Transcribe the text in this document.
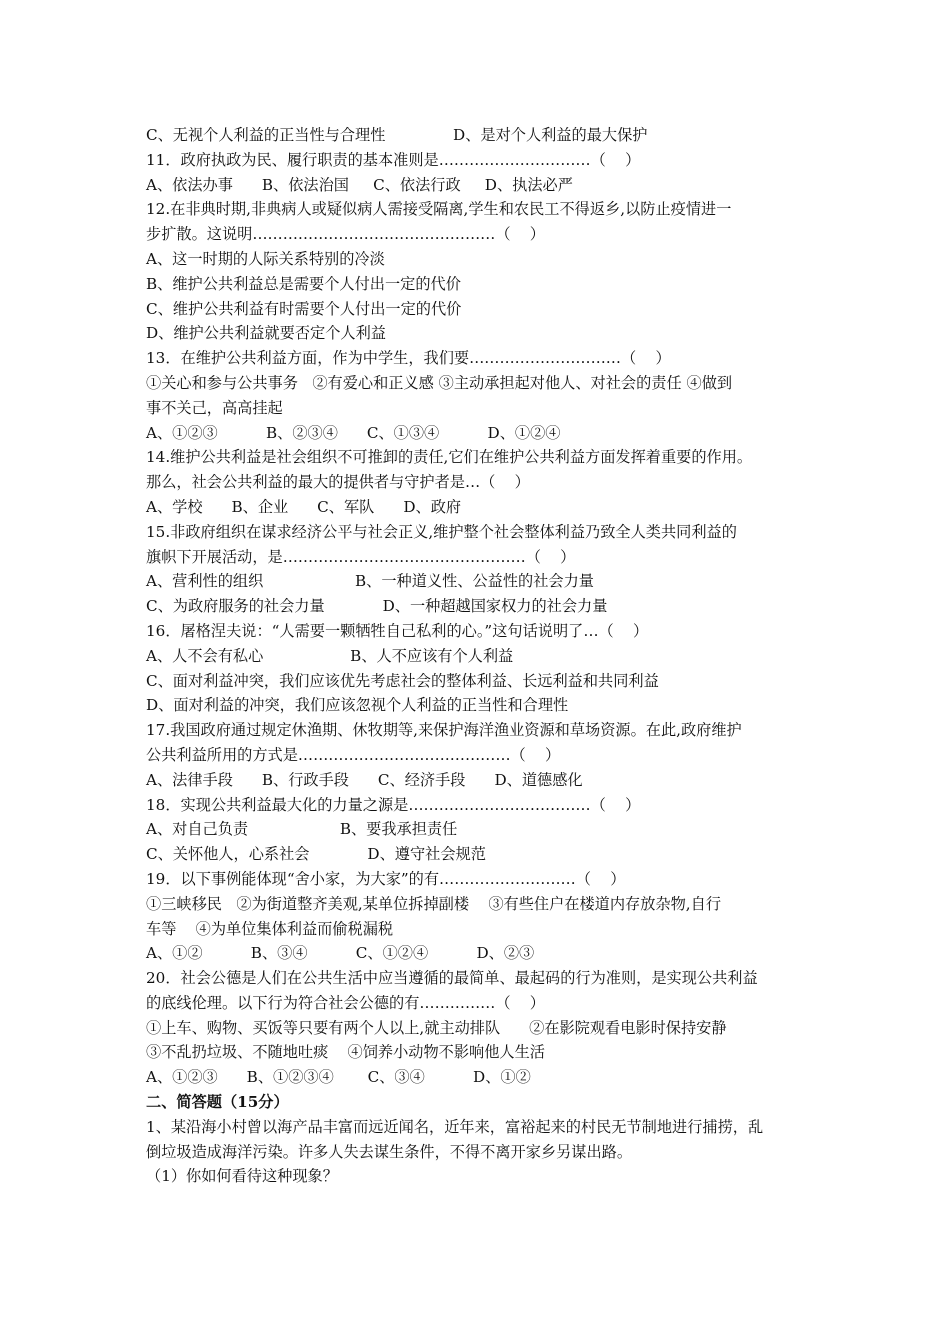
C、无视个人利益的正当性与合理性              D、是对个人利益的最大保护
11．政府执政为民、履行职责的基本准则是…………………………（    ）
A、依法办事      B、依法治国     C、依法行政     D、执法必严
12.在非典时期,非典病人或疑似病人需接受隔离,学生和农民工不得返乡,以防止疫情进一
步扩散。这说明…………………………………………（    ）
A、这一时期的人际关系特别的冷淡
B、维护公共利益总是需要个人付出一定的代价
C、维护公共利益有时需要个人付出一定的代价
D、维护公共利益就要否定个人利益
13．在维护公共利益方面，作为中学生，我们要…………………………（    ）
①关心和参与公共事务   ②有爱心和正义感 ③主动承担起对他人、对社会的责任 ④做到
事不关己，高高挂起
A、①②③          B、②③④      C、①③④          D、①②④
14.维护公共利益是社会组织不可推卸的责任,它们在维护公共利益方面发挥着重要的作用。
那么，社会公共利益的最大的提供者与守护者是…（    ）
A、学校      B、企业      C、军队      D、政府
15.非政府组织在谋求经济公平与社会正义,维护整个社会整体利益乃致全人类共同利益的
旗帜下开展活动，是…………………………………………（    ）
A、营利性的组织                   B、一种道义性、公益性的社会力量
C、为政府服务的社会力量            D、一种超越国家权力的社会力量
16．屠格涅夫说：“人需要一颗牺牲自己私利的心。”这句话说明了…（    ）
A、人不会有私心                  B、人不应该有个人利益
C、面对利益冲突，我们应该优先考虑社会的整体利益、长远利益和共同利益
D、面对利益的冲突，我们应该忽视个人利益的正当性和合理性
17.我国政府通过规定休渔期、休牧期等,来保护海洋渔业资源和草场资源。在此,政府维护
公共利益所用的方式是……………………………………（    ）
A、法律手段      B、行政手段      C、经济手段      D、道德感化
18．实现公共利益最大化的力量之源是………………………………（    ）
A、对自己负责                   B、要我承担责任
C、关怀他人，心系社会            D、遵守社会规范
19．以下事例能体现“舍小家，为大家”的有………………………（    ）
①三峡移民   ②为街道整齐美观,某单位拆掉副楼    ③有些住户在楼道内存放杂物,自行
车等    ④为单位集体利益而偷税漏税
A、①②          B、③④          C、①②④          D、②③
20．社会公德是人们在公共生活中应当遵循的最简单、最起码的行为准则，是实现公共利益
的底线伦理。以下行为符合社会公德的有……………（    ）
①上车、购物、买饭等只要有两个人以上,就主动排队      ②在影院观看电影时保持安静
③不乱扔垃圾、不随地吐痰    ④饲养小动物不影响他人生活
A、①②③      B、①②③④       C、③④          D、①②
二、简答题（15分）
1、某沿海小村曾以海产品丰富而远近闻名，近年来，富裕起来的村民无节制地进行捕捞，乱
倒垃圾造成海洋污染。许多人失去谋生条件，不得不离开家乡另谋出路。
（1）你如何看待这种现象？
